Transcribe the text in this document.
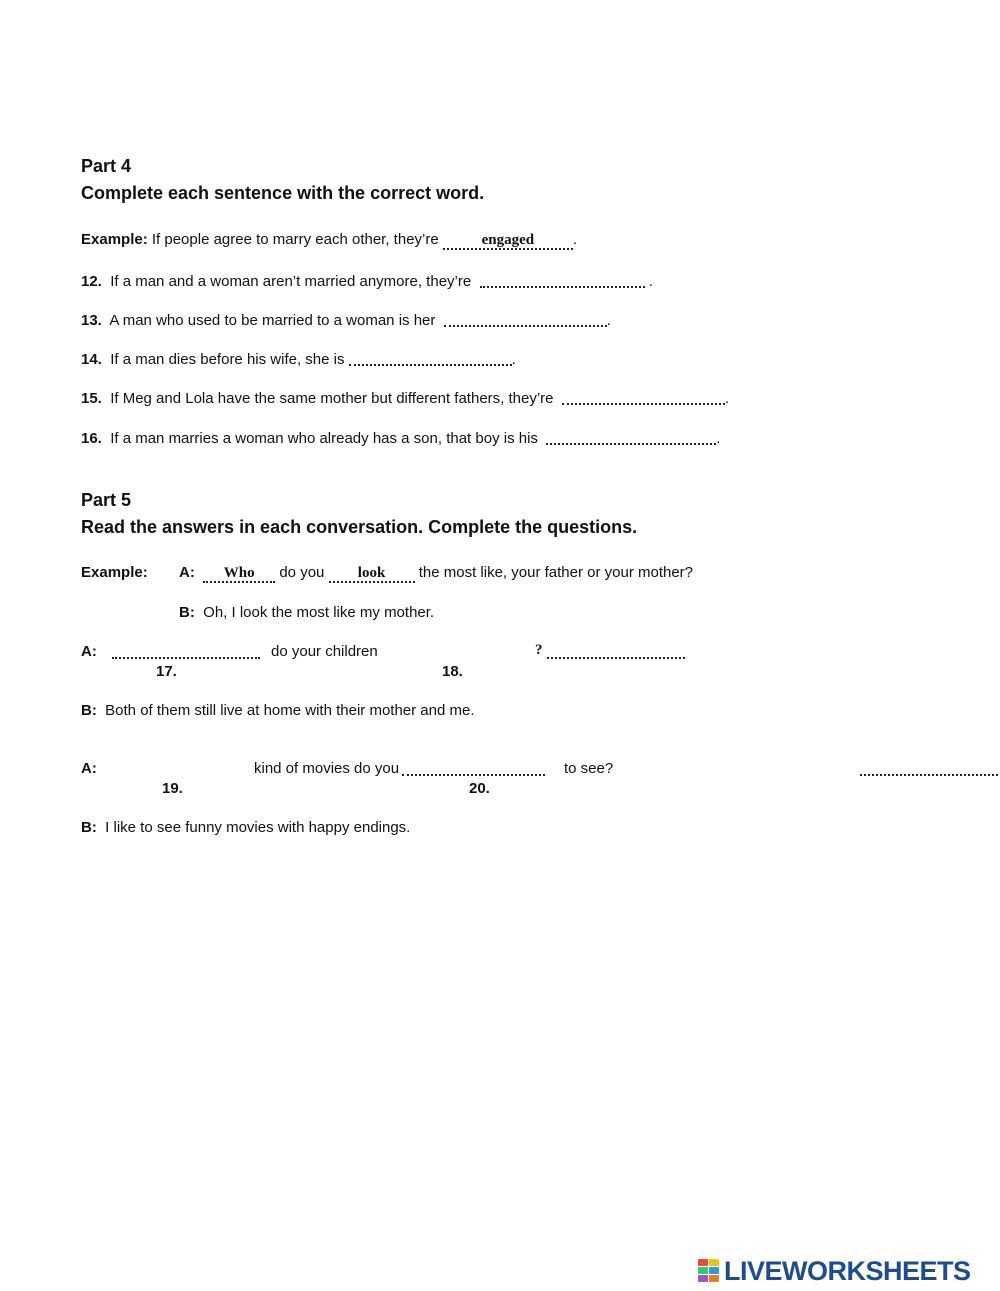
Part 4
Complete each sentence with the correct word.
Example: If people agree to marry each other, they’re	engaged	.
12. If a man and a woman aren’t married anymore, they’re	.
13. A man who used to be married to a woman is her	.
14. If a man dies before his wife, she is	.
15. If Meg and Lola have the same mother but different fathers, they’re	.
16. If a man marries a woman who already has a son, that boy is his	.
Part 5
Read the answers in each conversation. Complete the questions.
Example: A: Who do you look the most like, your father or your mother?
B: Oh, I look the most like my mother.
A:
	do your children
	?
17.	18.
B: Both of them still live at home with their mother and me.
A:
	kind of movies do you	to see?
19.	20.
B: I like to see funny movies with happy endings.
LIVEWORKSHEETS
